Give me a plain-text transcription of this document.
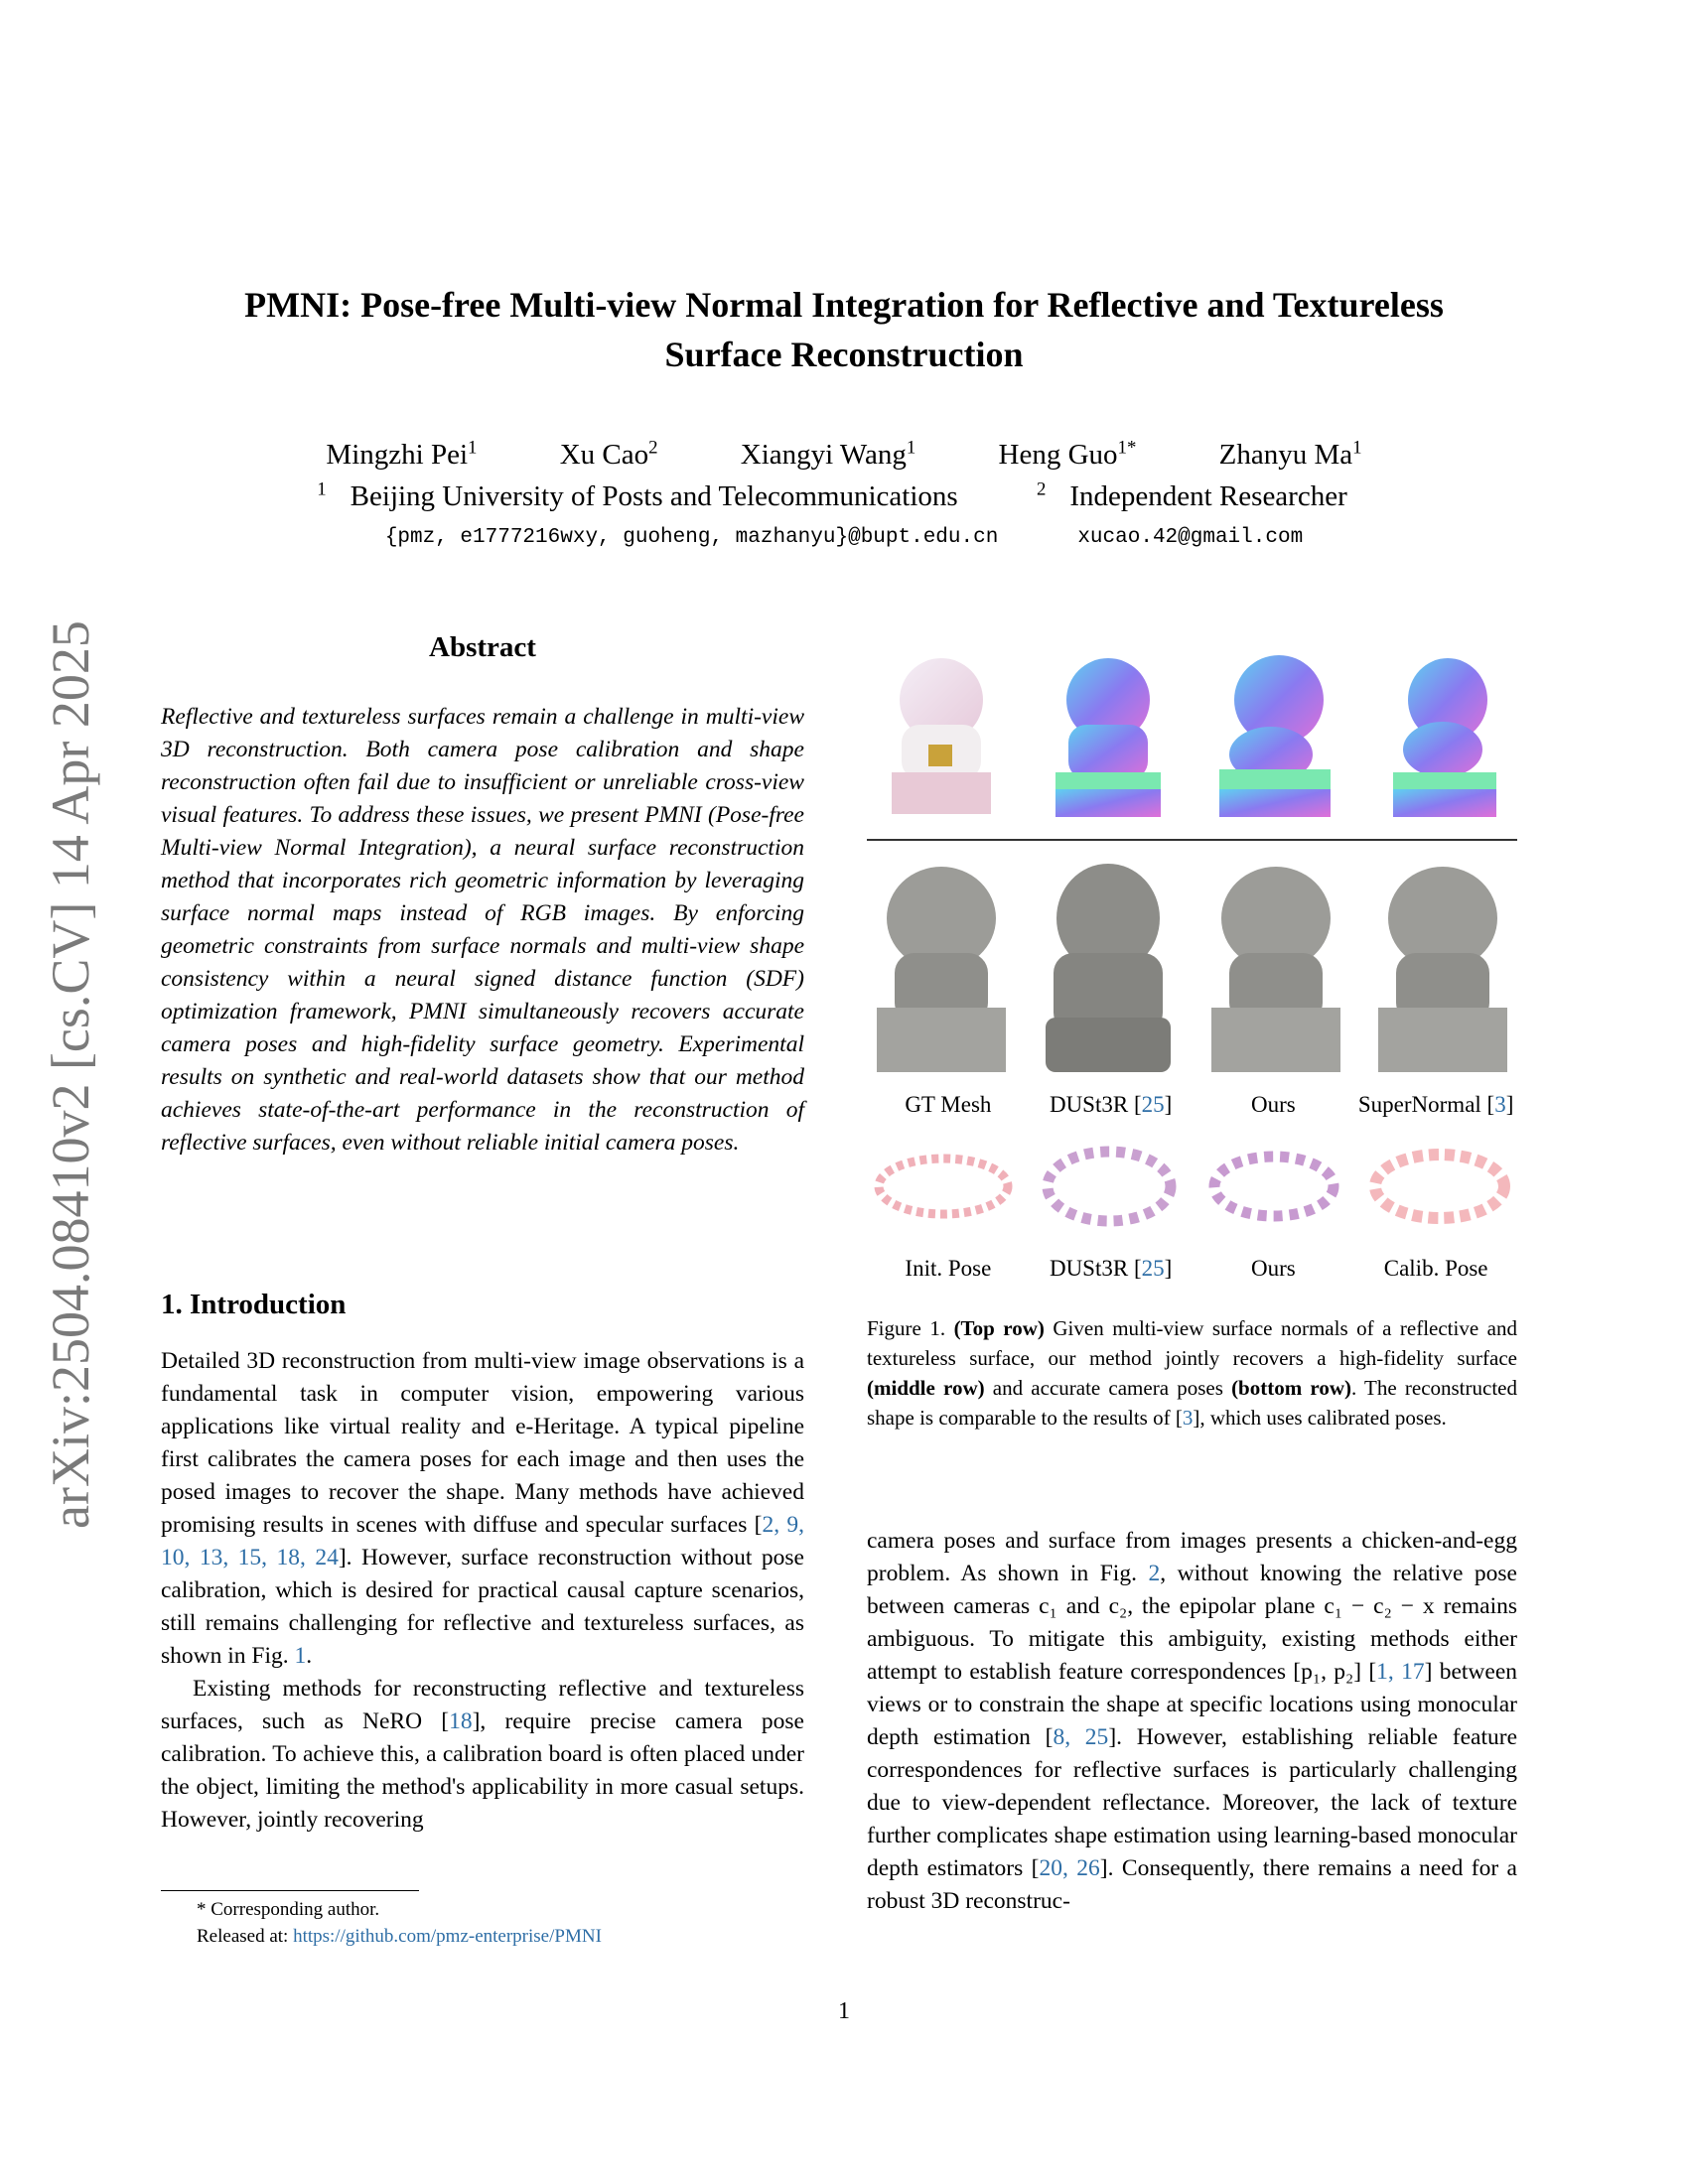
arXiv:2504.08410v2 [cs.CV] 14 Apr 2025
PMNI: Pose-free Multi-view Normal Integration for Reflective and Textureless
Surface Reconstruction
Mingzhi Pei$^1$	Xu Cao$^2$	Xiangyi Wang$^1$	Heng Guo$^{1*}$	Zhanyu Ma$^1$
$^1$ Beijing University of Posts and Telecommunications	$^2$ Independent Researcher
{pmz, e1777216wxy, guoheng, mazhanyu}@bupt.edu.cn	xucao.42@gmail.com
Abstract
Reflective and textureless surfaces remain a challenge in multi-view 3D reconstruction. Both camera pose calibration and shape reconstruction often fail due to insufficient or unreliable cross-view visual features. To address these issues, we present PMNI (Pose-free Multi-view Normal Integration), a neural surface reconstruction method that incorporates rich geometric information by leveraging surface normal maps instead of RGB images. By enforcing geometric constraints from surface normals and multi-view shape consistency within a neural signed distance function (SDF) optimization framework, PMNI simultaneously recovers accurate camera poses and high-fidelity surface geometry. Experimental results on synthetic and real-world datasets show that our method achieves state-of-the-art performance in the reconstruction of reflective surfaces, even without reliable initial camera poses.
1. Introduction

Detailed 3D reconstruction from multi-view image observations is a fundamental task in computer vision, empowering various applications like virtual reality and e-Heritage. A typical pipeline first calibrates the camera poses for each image and then uses the posed images to recover the shape. Many methods have achieved promising results in scenes with diffuse and specular surfaces [2, 9, 10, 13, 15, 18, 24]. However, surface reconstruction without pose calibration, which is desired for practical causal capture scenarios, still remains challenging for reflective and textureless surfaces, as shown in Fig. 1.

Existing methods for reconstructing reflective and textureless surfaces, such as NeRO [18], require precise camera pose calibration. To achieve this, a calibration board is often placed under the object, limiting the method's applicability in more casual setups. However, jointly recovering

* Corresponding author.
Released at: https://github.com/pmz-enterprise/PMNI
GT Mesh	DUSt3R [25]	Ours	SuperNormal [3]
Init. Pose	DUSt3R [25]	Ours	Calib. Pose
Figure 1. (Top row) Given multi-view surface normals of a reflective and textureless surface, our method jointly recovers a high-fidelity surface (middle row) and accurate camera poses (bottom row). The reconstructed shape is comparable to the results of [3], which uses calibrated poses.
camera poses and surface from images presents a chicken-and-egg problem. As shown in Fig. 2, without knowing the relative pose between cameras c₁ and c₂, the epipolar plane c₁ − c₂ − x remains ambiguous. To mitigate this ambiguity, existing methods either attempt to establish feature correspondences [p₁, p₂] [1, 17] between views or to constrain the shape at specific locations using monocular depth estimation [8, 25]. However, establishing reliable feature correspondences for reflective surfaces is particularly challenging due to view-dependent reflectance. Moreover, the lack of texture further complicates shape estimation using learning-based monocular depth estimators [20, 26]. Consequently, there remains a need for a robust 3D reconstruc-
1
